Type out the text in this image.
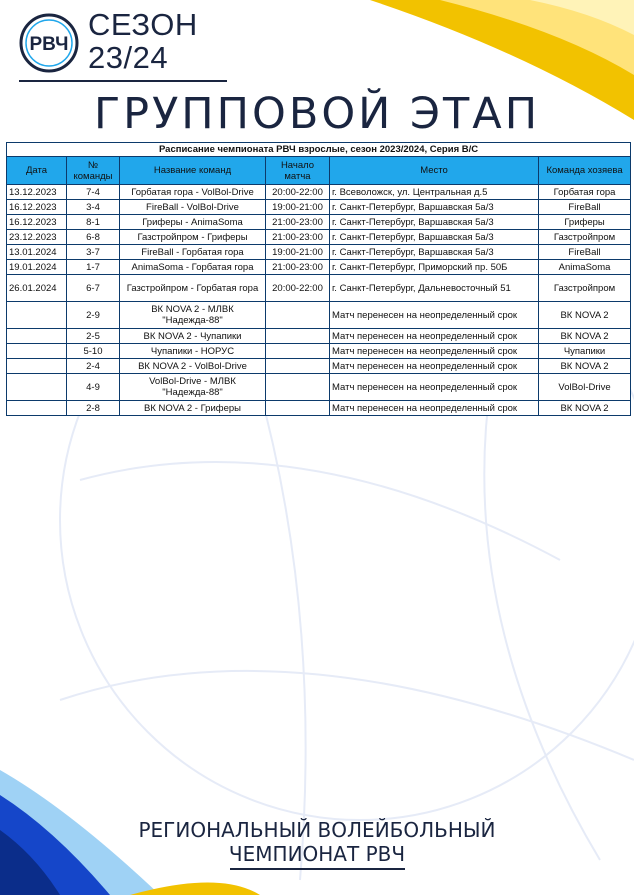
РВЧ
СЕЗОН
23/24
ГРУППОВОЙ ЭТАП
Расписание чемпионата РВЧ взрослые, сезон 2023/2024, Серия В/С					
Дата	№ команды	Название команд	Начало матча	Место	Команда хозяева
13.12.2023	7-4	Горбатая гора - VolBol-Drive	20:00-22:00	г. Всеволожск, ул. Центральная д.5	Горбатая гора
16.12.2023	3-4	FireBall - VolBol-Drive	19:00-21:00	г. Санкт-Петербург, Варшавская 5а/3	FireBall
16.12.2023	8-1	Гриферы - AnimaSoma	21:00-23:00	г. Санкт-Петербург, Варшавская 5а/3	Гриферы
23.12.2023	6-8	Газстройпром - Гриферы	21:00-23:00	г. Санкт-Петербург, Варшавская 5а/3	Газстройпром
13.01.2024	3-7	FireBall - Горбатая гора	19:00-21:00	г. Санкт-Петербург, Варшавская 5а/3	FireBall
19.01.2024	1-7	AnimaSoma - Горбатая гора	21:00-23:00	г. Санкт-Петербург, Приморский пр. 50Б	AnimaSoma
26.01.2024	6-7	Газстройпром - Горбатая гора	20:00-22:00	г. Санкт-Петербург, Дальневосточный 51	Газстройпром
	2-9	ВК NOVA 2 - МЛВК "Надежда-88"		Матч перенесен на неопределенный срок	ВК NOVA 2
	2-5	ВК NOVA 2 - Чупапики		Матч перенесен на неопределенный срок	ВК NOVA 2
	5-10	Чупапики - НОРУС		Матч перенесен на неопределенный срок	Чупапики
	2-4	ВК NOVA 2 - VolBol-Drive		Матч перенесен на неопределенный срок	ВК NOVA 2
	4-9	VolBol-Drive - МЛВК "Надежда-88"		Матч перенесен на неопределенный срок	VolBol-Drive
	2-8	ВК NOVA 2 - Гриферы		Матч перенесен на неопределенный срок	ВК NOVA 2
РЕГИОНАЛЬНЫЙ ВОЛЕЙБОЛЬНЫЙ
ЧЕМПИОНАТ РВЧ
